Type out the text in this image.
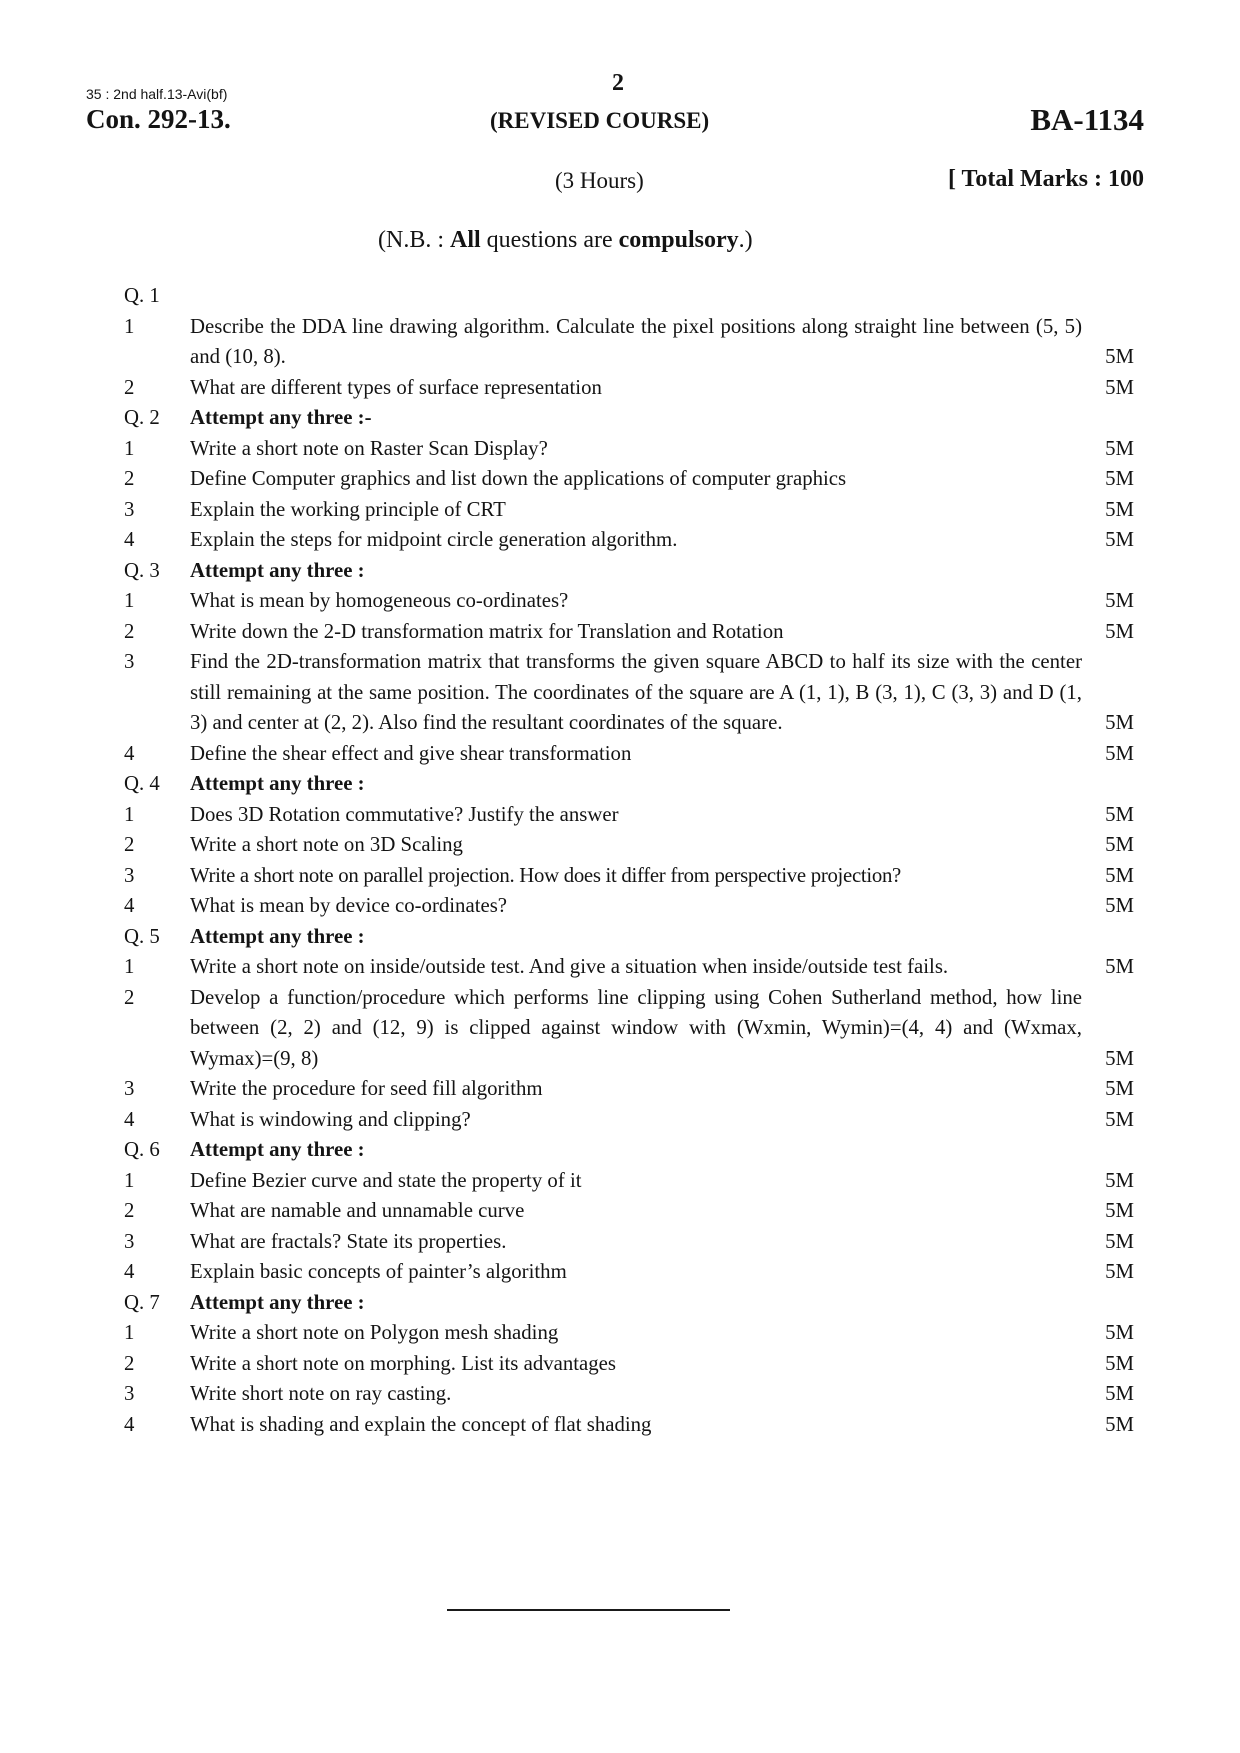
35 : 2nd half.13-Avi(bf)	2
Con. 292-13.	(REVISED COURSE)	BA-1134
(3 Hours)	[ Total Marks : 100
(N.B. : All questions are compulsory.)
Q. 1
1	Describe the DDA line drawing algorithm. Calculate the pixel positions along straight line between (5, 5) and (10, 8).	5M
2	What are different types of surface representation	5M
Q. 2	Attempt any three :-
1	Write a short note on Raster Scan Display?	5M
2	Define Computer graphics and list down the applications of computer graphics	5M
3	Explain the working principle of CRT	5M
4	Explain the steps for midpoint circle generation algorithm.	5M
Q. 3	Attempt any three :
1	What is mean by homogeneous co-ordinates?	5M
2	Write down the 2-D transformation matrix for Translation and Rotation	5M
3	Find the 2D-transformation matrix that transforms the given square ABCD to half its size with the center still remaining at the same position. The coordinates of the square are A (1, 1), B (3, 1), C (3, 3) and D (1, 3) and center at (2, 2). Also find the resultant coordinates of the square.	5M
4	Define the shear effect and give shear transformation	5M
Q. 4	Attempt any three :
1	Does 3D Rotation commutative? Justify the answer	5M
2	Write a short note on 3D Scaling	5M
3	Write a short note on parallel projection. How does it differ from perspective projection?	5M
4	What is mean by device co-ordinates?	5M
Q. 5	Attempt any three :
1	Write a short note on inside/outside test. And give a situation when inside/outside test fails.	5M
2	Develop a function/procedure which performs line clipping using Cohen Sutherland method, how line between (2, 2) and (12, 9) is clipped against window with (Wxmin, Wymin)=(4, 4) and (Wxmax, Wymax)=(9, 8)	5M
3	Write the procedure for seed fill algorithm	5M
4	What is windowing and clipping?	5M
Q. 6	Attempt any three :
1	Define Bezier curve and state the property of it	5M
2	What are namable and unnamable curve	5M
3	What are fractals? State its properties.	5M
4	Explain basic concepts of painter’s algorithm	5M
Q. 7	Attempt any three :
1	Write a short note on Polygon mesh shading	5M
2	Write a short note on morphing. List its advantages	5M
3	Write short note on ray casting.	5M
4	What is shading and explain the concept of flat shading	5M
